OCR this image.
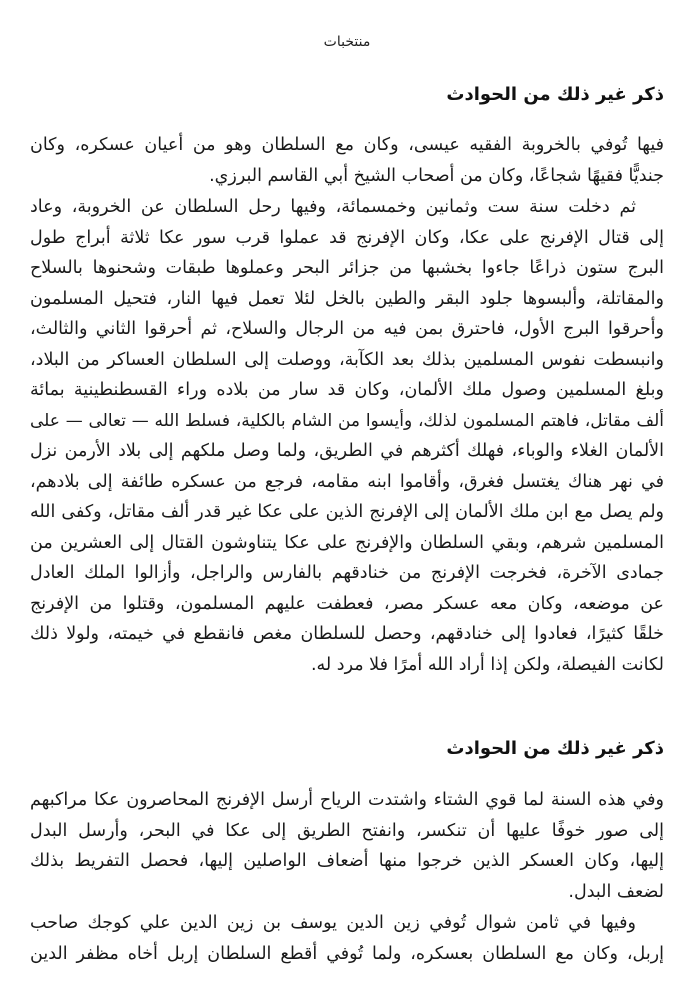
منتخبات
ذكر غير ذلك من الحوادث
فيها تُوفي بالخروبة الفقيه عيسى، وكان مع السلطان وهو من أعيان عسكره، وكان
جنديًّا فقيهًا شجاعًا، وكان من أصحاب الشيخ أبي القاسم البرزي.
ثم دخلت سنة ست وثمانين وخمسمائة، وفيها رحل السلطان عن الخروبة، وعاد
إلى قتال الإفرنج على عكا، وكان الإفرنج قد عملوا قرب سور عكا ثلاثة أبراج طول
البرج ستون ذراعًا جاءوا بخشبها من جزائر البحر وعملوها طبقات وشحنوها بالسلاح
والمقاتلة، وألبسوها جلود البقر والطين بالخل لئلا تعمل فيها النار، فتحيل المسلمون
وأحرقوا البرج الأول، فاحترق بمن فيه من الرجال والسلاح، ثم أحرقوا الثاني والثالث،
وانبسطت نفوس المسلمين بذلك بعد الكآبة، ووصلت إلى السلطان العساكر من البلاد،
وبلغ المسلمين وصول ملك الألمان، وكان قد سار من بلاده وراء القسطنطينية بمائة
ألف مقاتل، فاهتم المسلمون لذلك، وأيسوا من الشام بالكلية، فسلط الله — تعالى — على
الألمان الغلاء والوباء، فهلك أكثرهم في الطريق، ولما وصل ملكهم إلى بلاد الأرمن نزل
في نهر هناك يغتسل فغرق، وأقاموا ابنه مقامه، فرجع من عسكره طائفة إلى بلادهم،
ولم يصل مع ابن ملك الألمان إلى الإفرنج الذين على عكا غير قدر ألف مقاتل، وكفى الله
المسلمين شرهم، وبقي السلطان والإفرنج على عكا يتناوشون القتال إلى العشرين من
جمادى الآخرة، فخرجت الإفرنج من خنادقهم بالفارس والراجل، وأزالوا الملك العادل
عن موضعه، وكان معه عسكر مصر، فعطفت عليهم المسلمون، وقتلوا من الإفرنج
خلقًا كثيرًا، فعادوا إلى خنادقهم، وحصل للسلطان مغص فانقطع في خيمته، ولولا ذلك
لكانت الفيصلة، ولكن إذا أراد الله أمرًا فلا مرد له.
ذكر غير ذلك من الحوادث
وفي هذه السنة لما قوي الشتاء واشتدت الرياح أرسل الإفرنج المحاصرون عكا مراكبهم
إلى صور خوفًا عليها أن تنكسر، وانفتح الطريق إلى عكا في البحر، وأرسل البدل
إليها، وكان العسكر الذين خرجوا منها أضعاف الواصلين إليها، فحصل التفريط بذلك
لضعف البدل.
وفيها في ثامن شوال تُوفي زين الدين يوسف بن زين الدين علي كوجك صاحب
إربل، وكان مع السلطان بعسكره، ولما تُوفي أقطع السلطان إربل أخاه مظفر الدين
